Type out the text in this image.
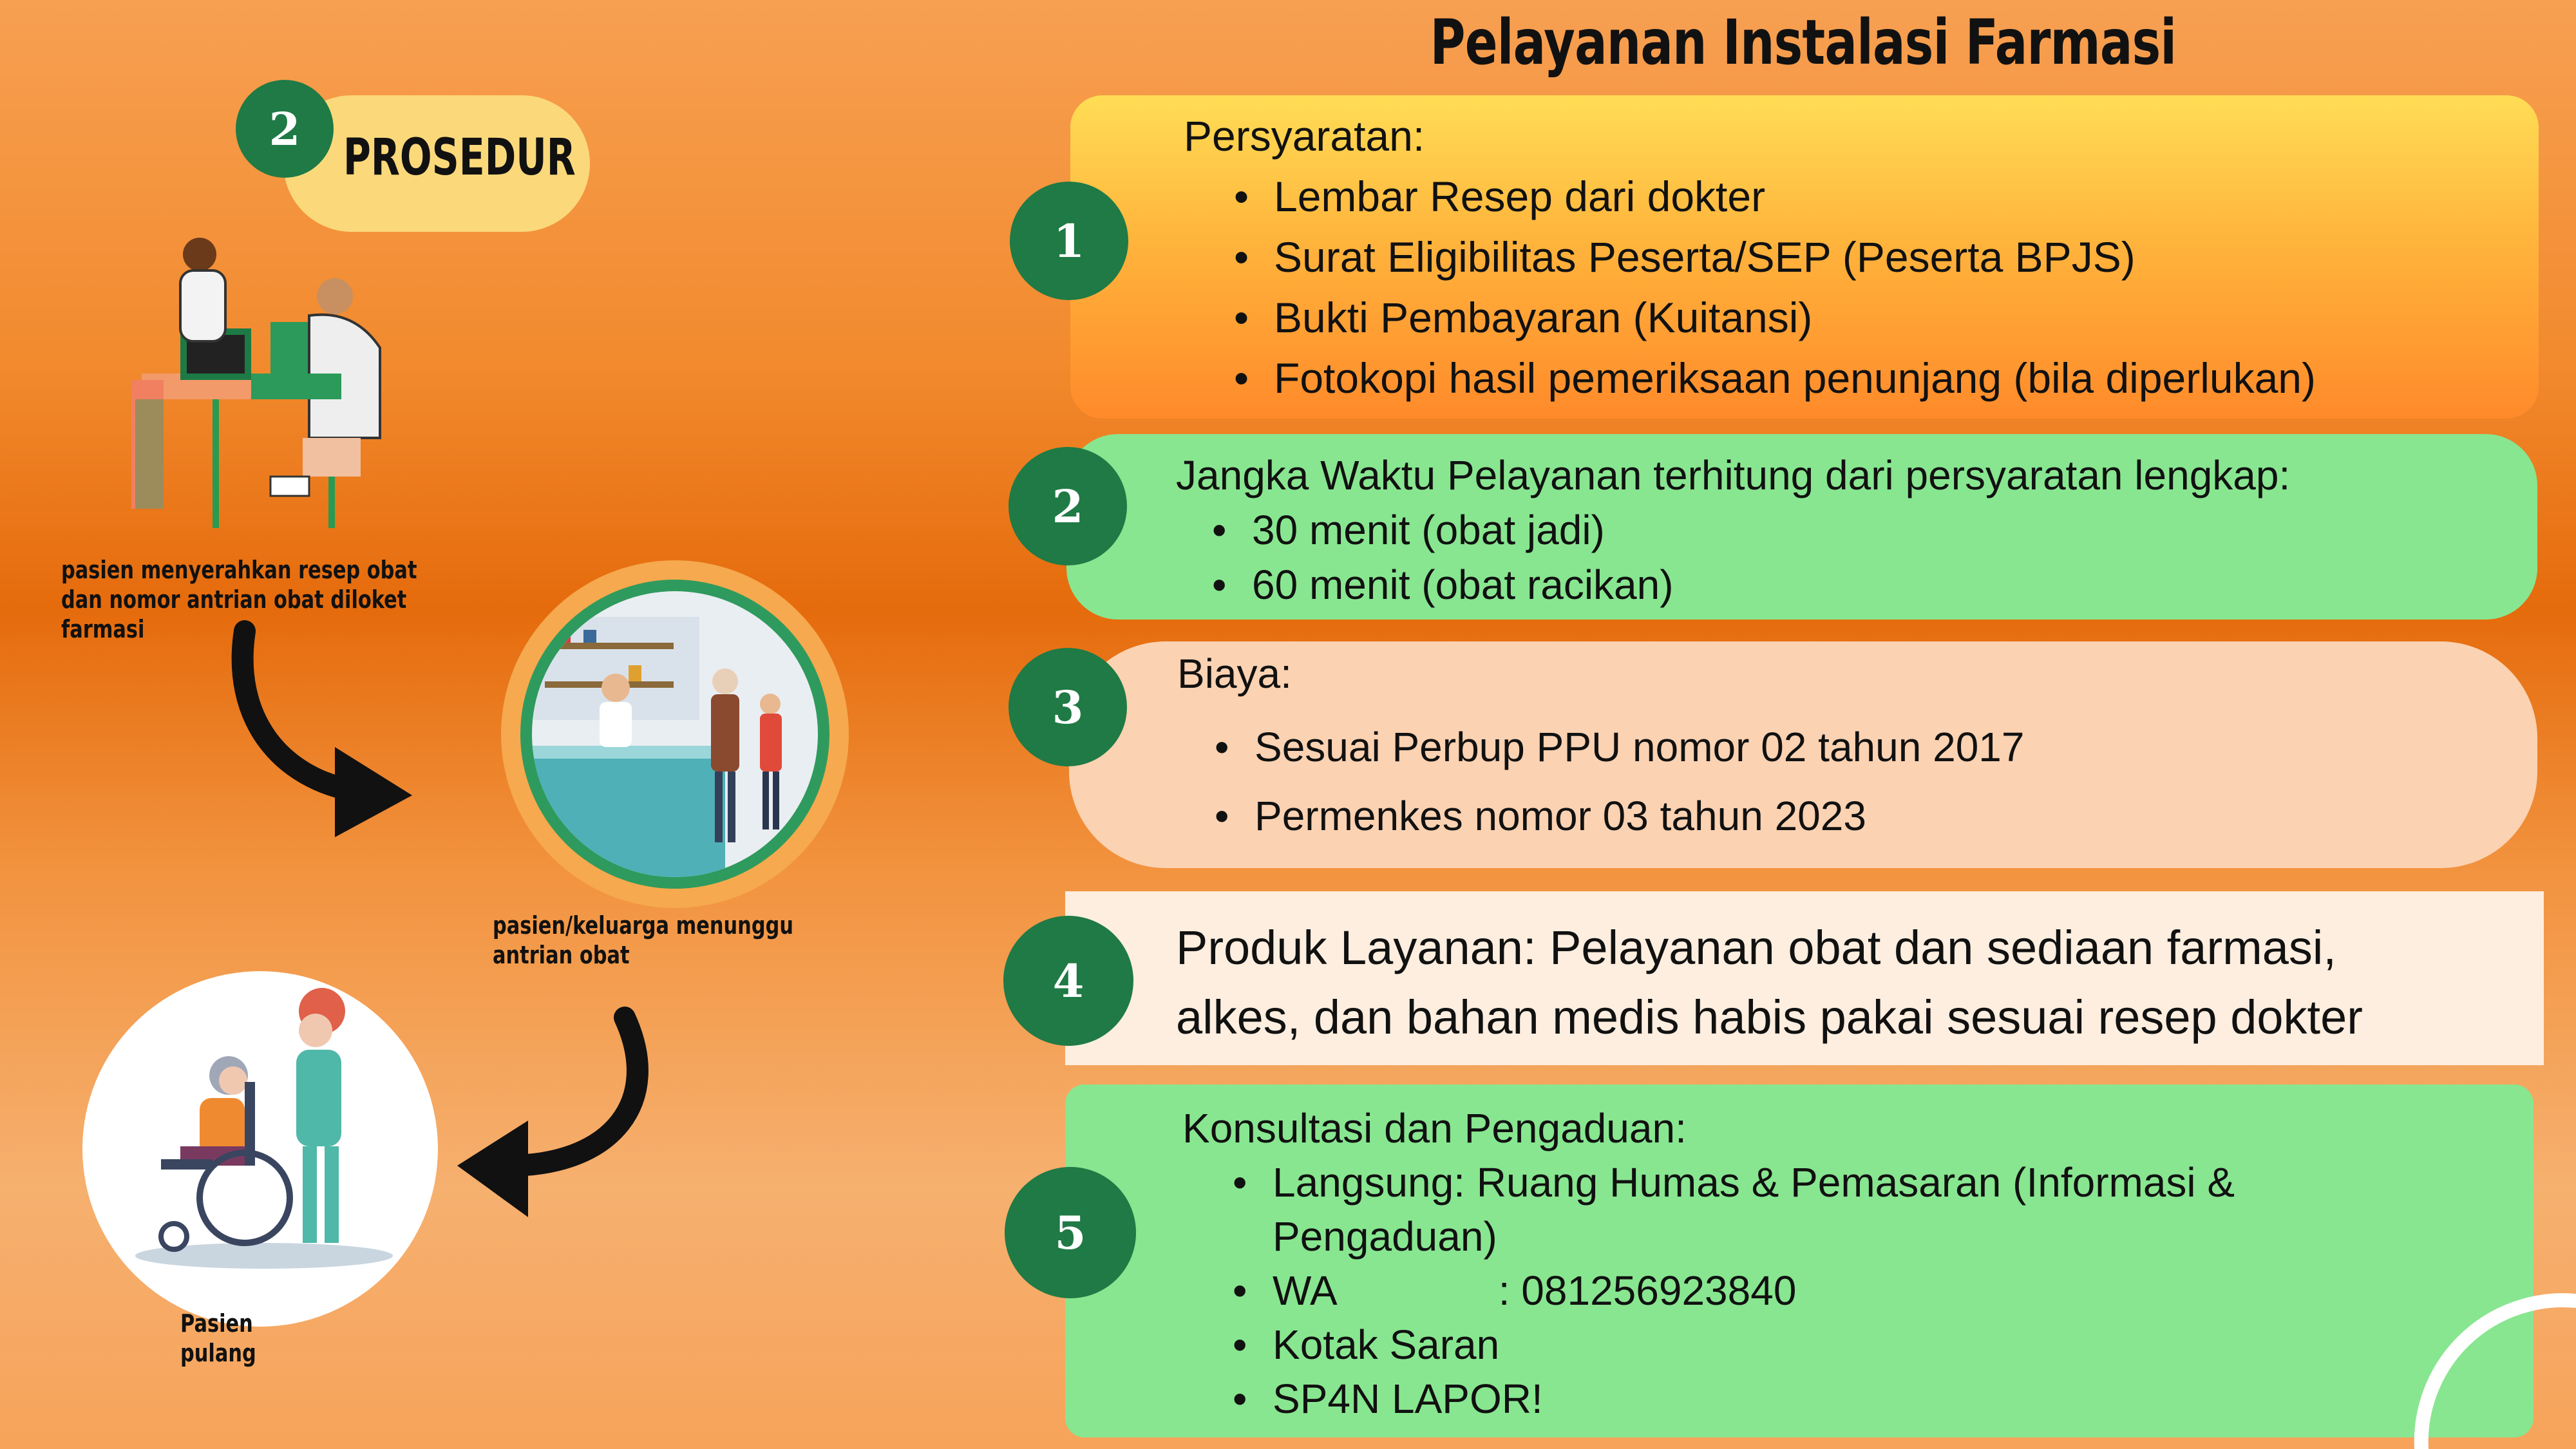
Pelayanan Instalasi Farmasi
2 PROSEDUR
pasien menyerahkan resep obat dan nomor antrian obat diloket farmasi
pasien/keluarga menunggu antrian obat
Pasien pulang
Persyaratan:
• Lembar Resep dari dokter
• Surat Eligibilitas Peserta/SEP (Peserta BPJS)
• Bukti Pembayaran (Kuitansi)
• Fotokopi hasil pemeriksaan penunjang (bila diperlukan)
1
Jangka Waktu Pelayanan terhitung dari persyaratan lengkap:
• 30 menit (obat jadi)
• 60 menit (obat racikan)
2
Biaya:
• Sesuai Perbup PPU nomor 02 tahun 2017
• Permenkes nomor 03 tahun 2023
3
Produk Layanan: Pelayanan obat dan sediaan farmasi,
alkes, dan bahan medis habis pakai sesuai resep dokter
4
Konsultasi dan Pengaduan:
• Langsung: Ruang Humas & Pemasaran (Informasi &
Pengaduan)
• WA	: 081256923840
• Kotak Saran
• SP4N LAPOR!
5
